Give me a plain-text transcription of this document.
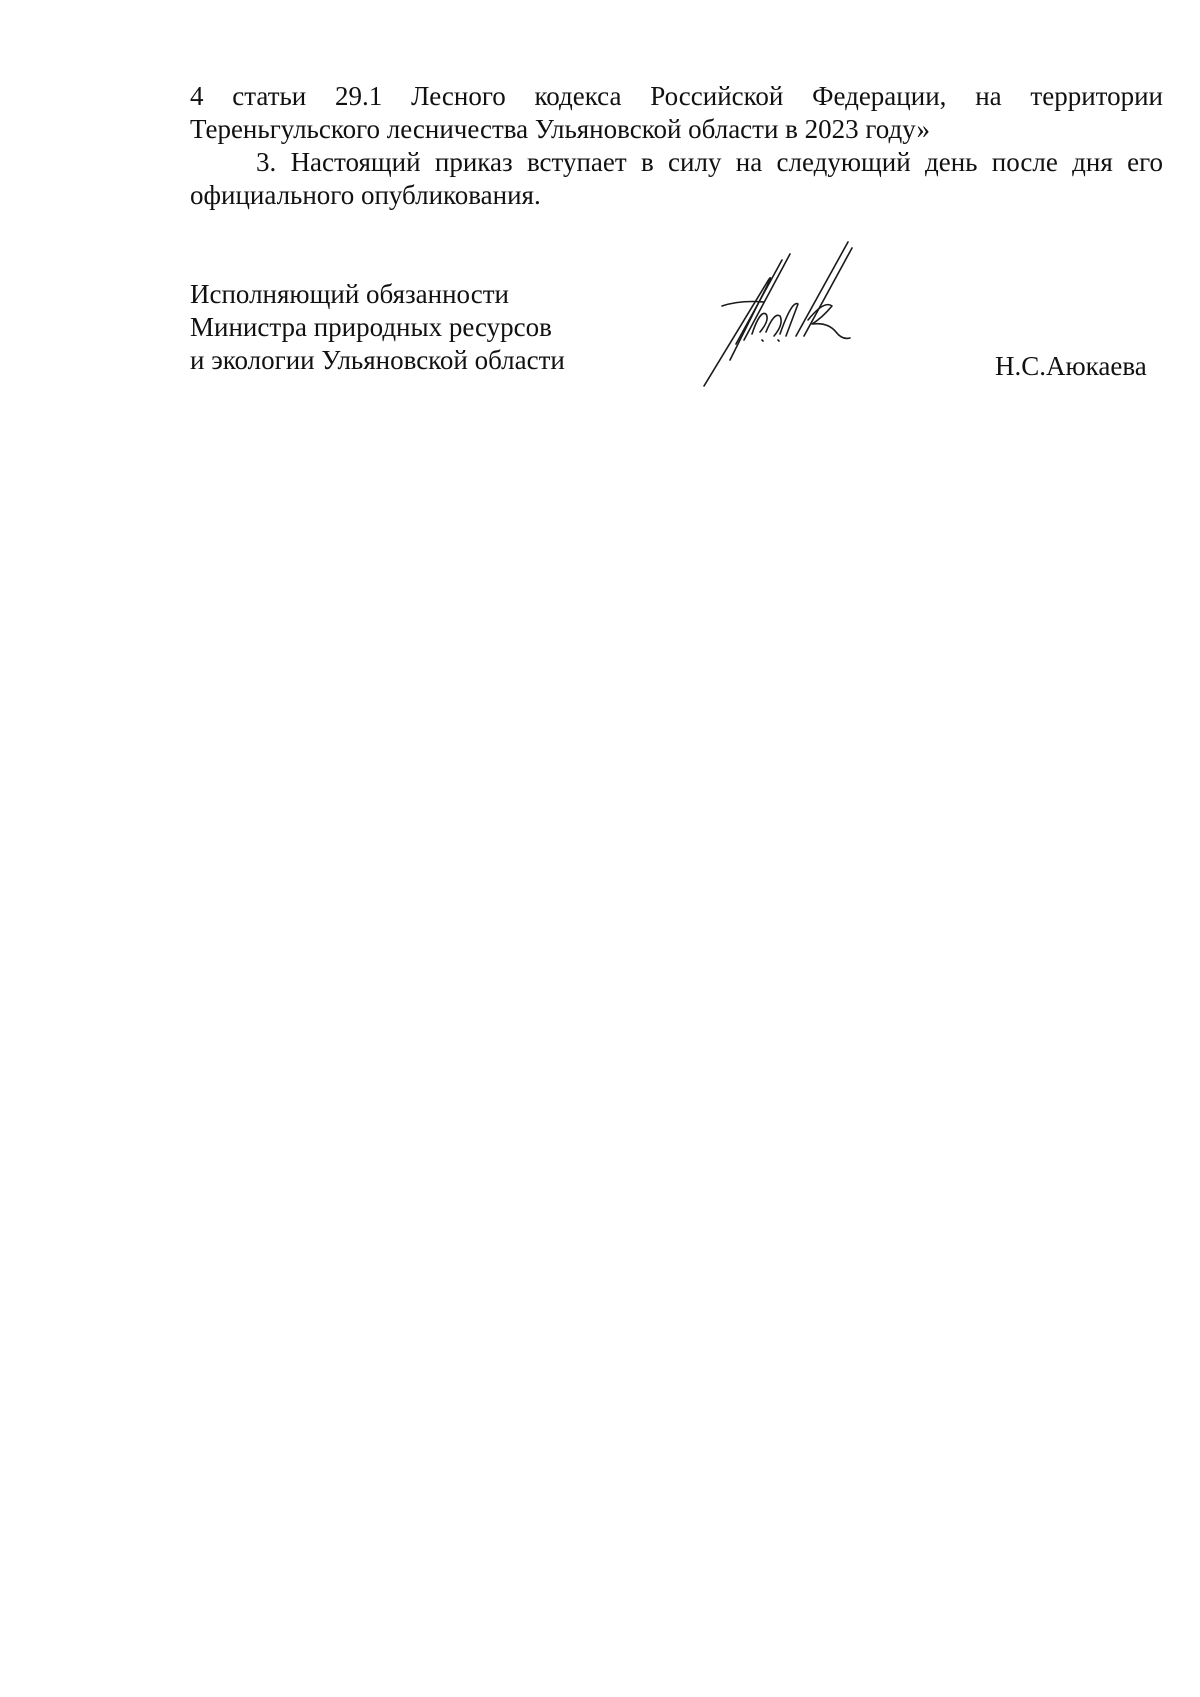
4 статьи 29.1 Лесного кодекса Российской Федерации, на территории
Тереньгульского лесничества Ульяновской области в 2023 году»

3. Настоящий приказ вступает в силу на следующий день после дня его
официального опубликования.

Исполняющий обязанности
Министра природных ресурсов
и экологии Ульяновской области	Н.С.Аюкаева
